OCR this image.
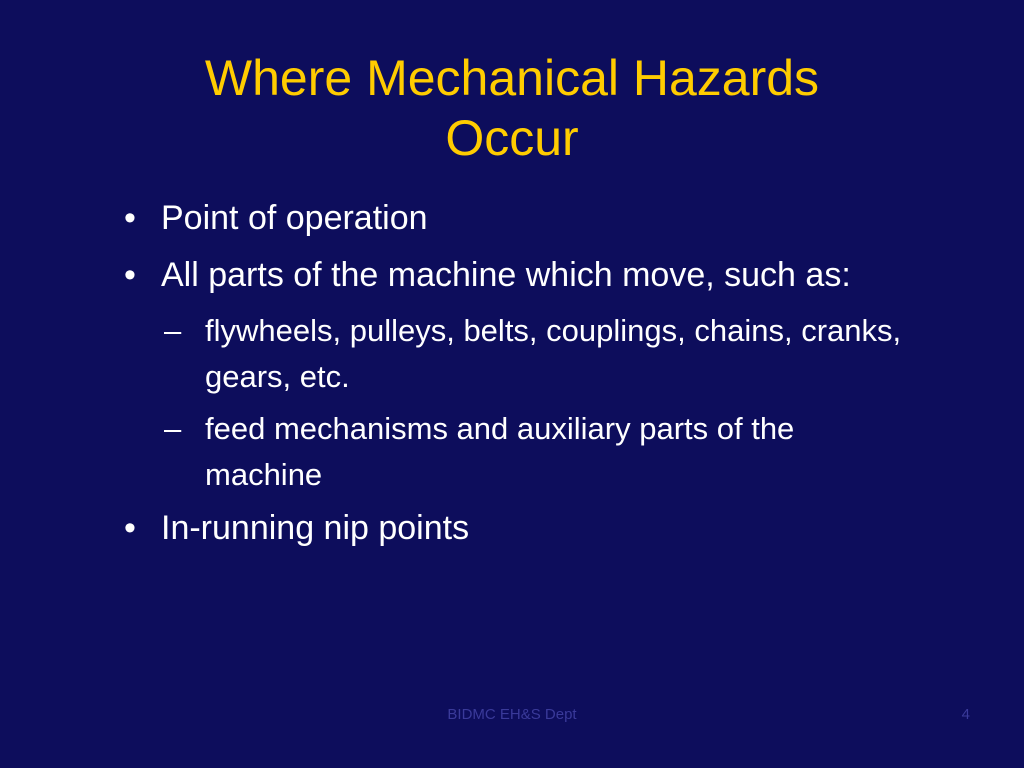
Where Mechanical Hazards
Occur
• Point of operation
• All parts of the machine which move, such as:
– flywheels, pulleys, belts, couplings, chains, cranks, gears, etc.
– feed mechanisms and auxiliary parts of the machine
• In-running nip points
BIDMC EH&S Dept	4
